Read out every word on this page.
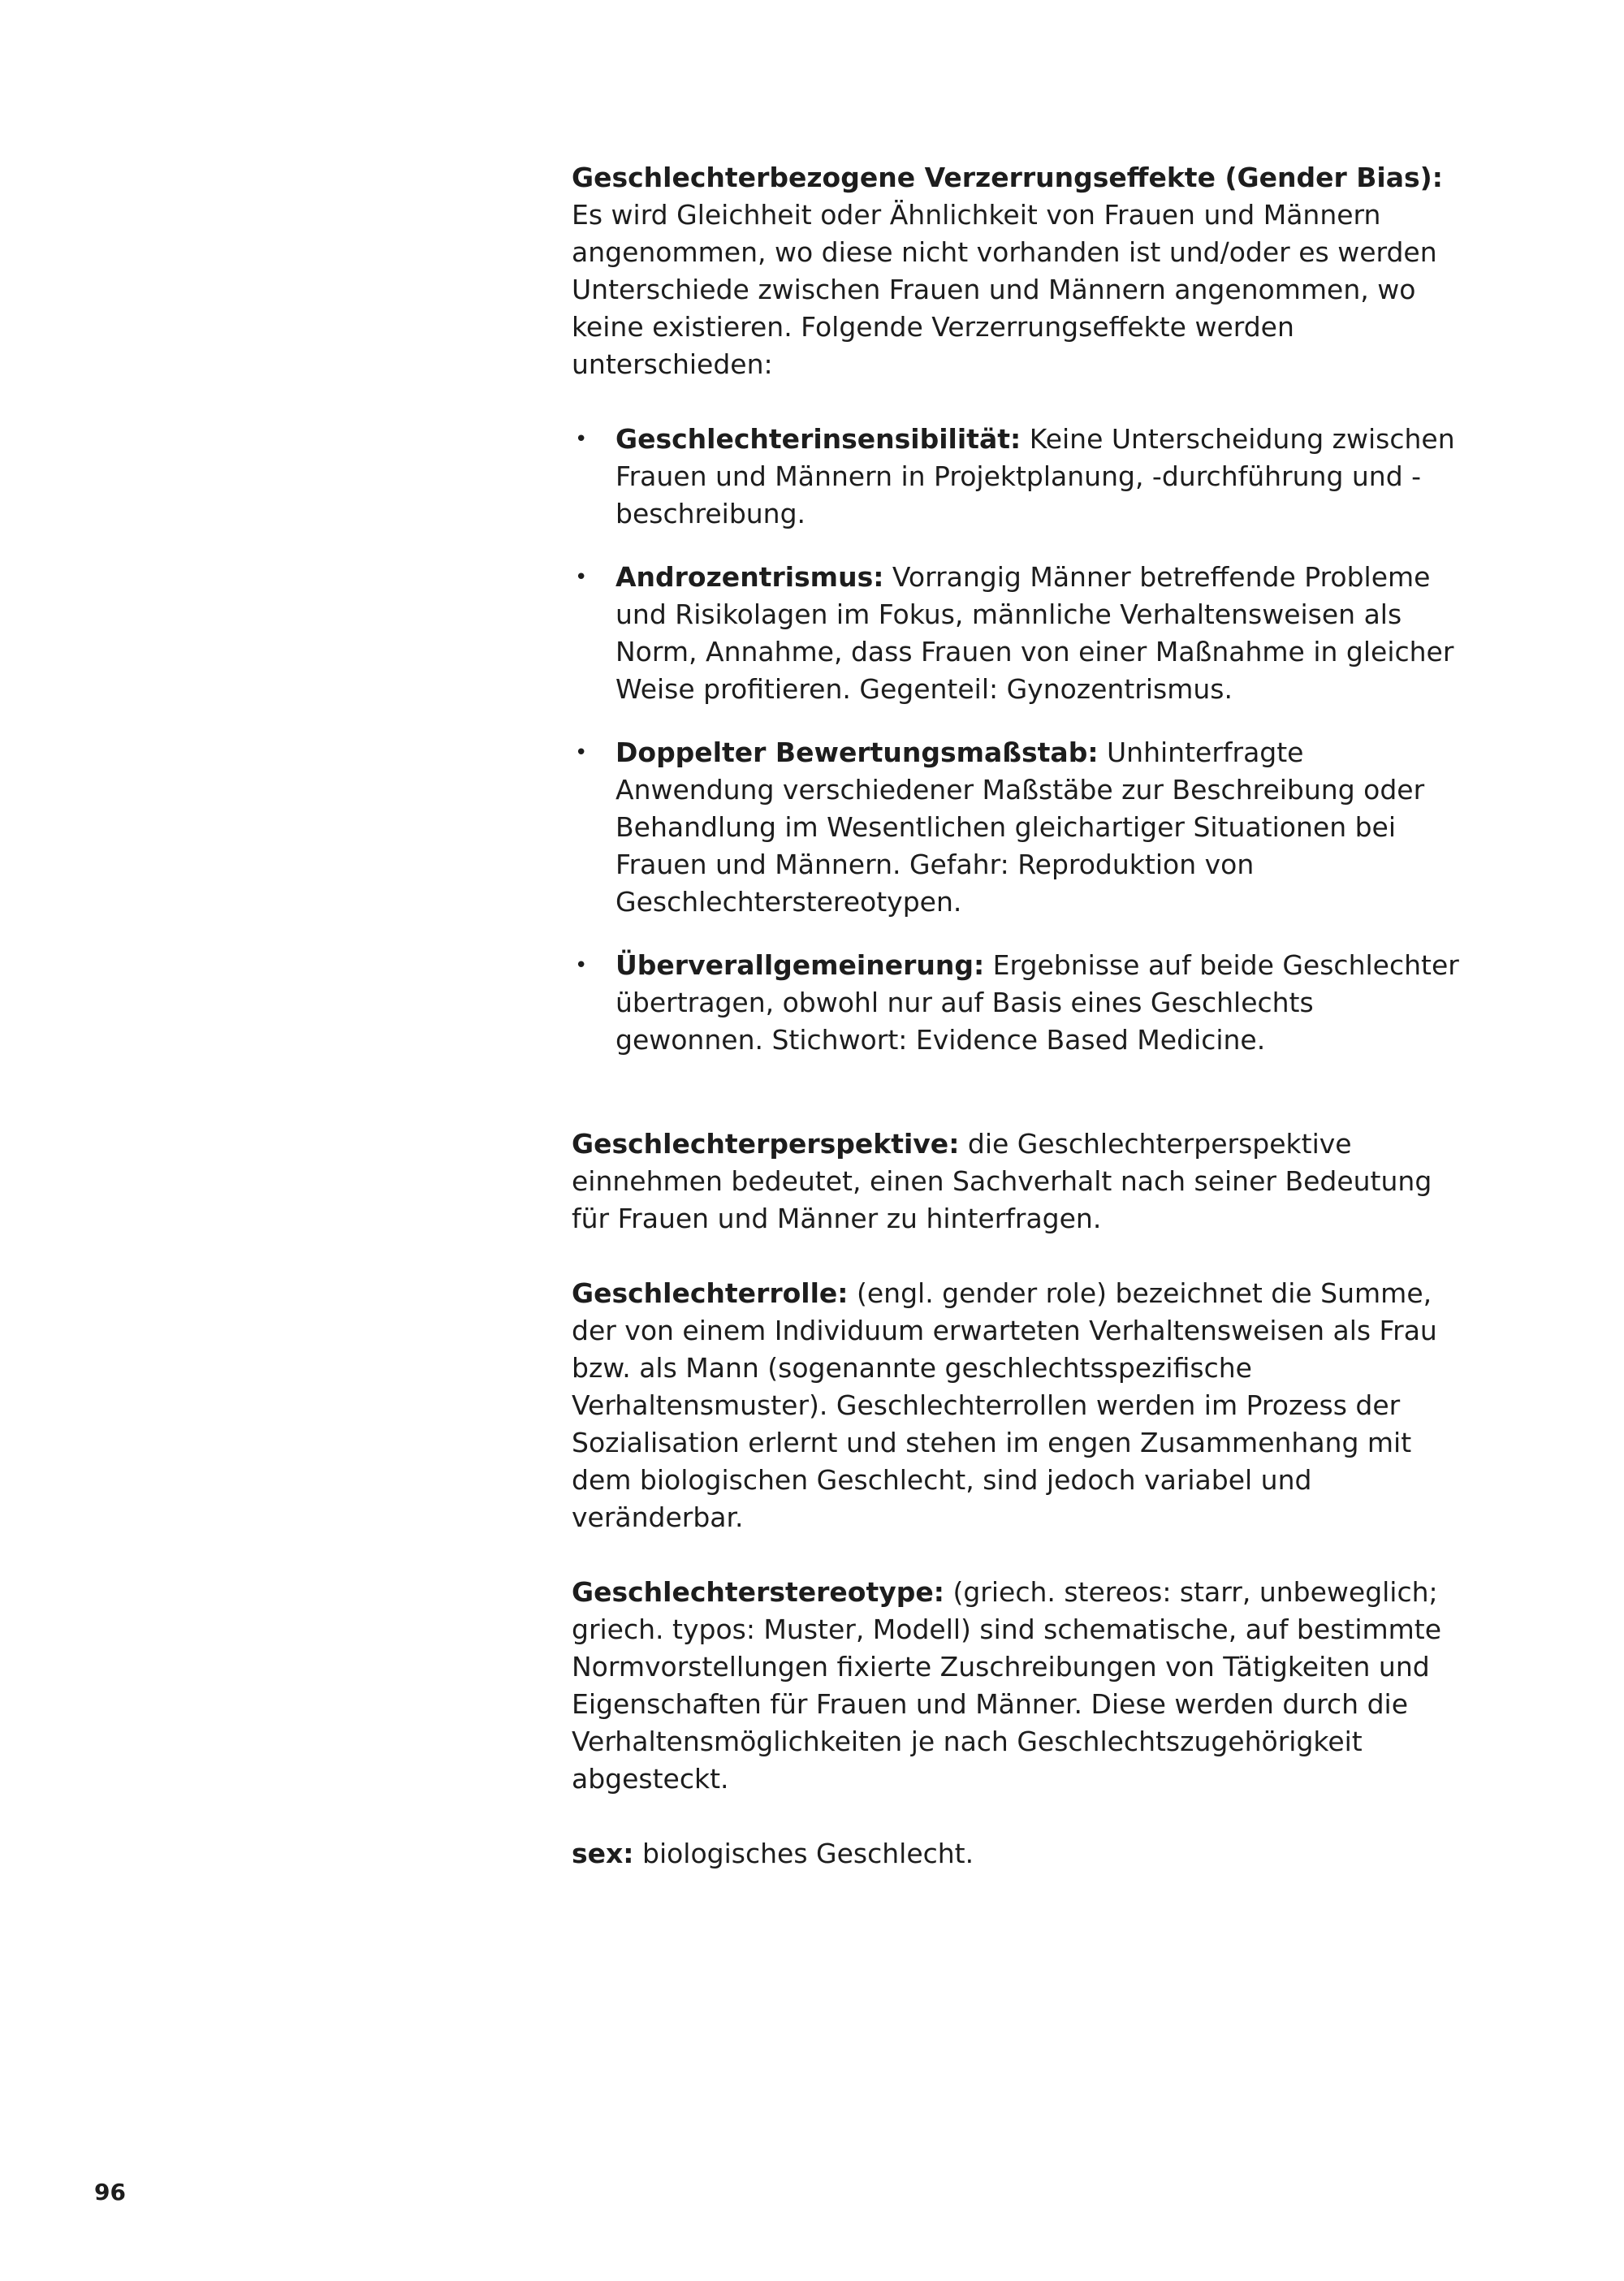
Geschlechterbezogene Verzerrungseffekte (Gender Bias): Es wird Gleichheit oder Ähnlichkeit von Frauen und Männern angenommen, wo diese nicht vorhanden ist und/oder es werden Unterschiede zwischen Frauen und Männern angenommen, wo keine existieren. Folgende Verzerrungseffekte werden unterschieden:

• Geschlechterinsensibilität: Keine Unterscheidung zwischen Frauen und Männern in Projektplanung, -durchführung und -beschreibung.
• Androzentrismus: Vorrangig Männer betreffende Probleme und Risikolagen im Fokus, männliche Verhaltensweisen als Norm, Annahme, dass Frauen von einer Maßnahme in gleicher Weise profitieren. Gegenteil: Gynozentrismus.
• Doppelter Bewertungsmaßstab: Unhinterfragte Anwendung verschiedener Maßstäbe zur Beschreibung oder Behandlung im Wesentlichen gleichartiger Situationen bei Frauen und Männern. Gefahr: Reproduktion von Geschlechterstereotypen.
• Überverallgemeinerung: Ergebnisse auf beide Geschlechter übertragen, obwohl nur auf Basis eines Geschlechts gewonnen. Stichwort: Evidence Based Medicine.

Geschlechterperspektive: die Geschlechterperspektive einnehmen bedeutet, einen Sachverhalt nach seiner Bedeutung für Frauen und Männer zu hinterfragen.

Geschlechterrolle: (engl. gender role) bezeichnet die Summe, der von einem Individuum erwarteten Verhaltensweisen als Frau bzw. als Mann (sogenannte geschlechtsspezifische Verhaltensmuster). Geschlechterrollen werden im Prozess der Sozialisation erlernt und stehen im engen Zusammenhang mit dem biologischen Geschlecht, sind jedoch variabel und veränderbar.

Geschlechterstereotype: (griech. stereos: starr, unbeweglich; griech. typos: Muster, Modell) sind schematische, auf bestimmte Normvorstellungen fixierte Zuschreibungen von Tätigkeiten und Eigenschaften für Frauen und Männer. Diese werden durch die Verhaltensmöglichkeiten je nach Geschlechtszugehörigkeit abgesteckt.

sex: biologisches Geschlecht.

96
